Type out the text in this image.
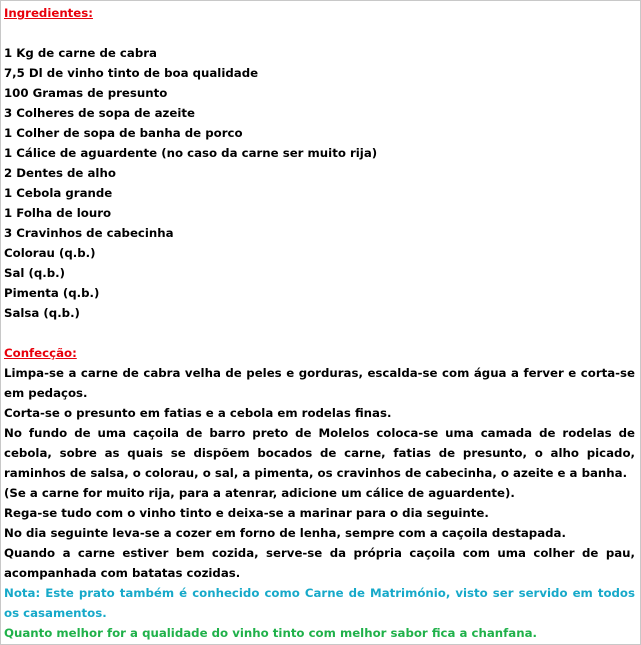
Ingredientes:

1 Kg de carne de cabra

7,5 Dl de vinho tinto de boa qualidade

100 Gramas de presunto

3 Colheres de sopa de azeite

1 Colher de sopa de banha de porco

1 Cálice de aguardente (no caso da carne ser muito rija)

2 Dentes de alho

1 Cebola grande

1 Folha de louro

3 Cravinhos de cabecinha

Colorau (q.b.)

Sal (q.b.)

Pimenta (q.b.)

Salsa (q.b.)

Confecção:

Limpa-se a carne de cabra velha de peles e gorduras, escalda-se com água a ferver e corta-se em pedaços.

Corta-se o presunto em fatias e a cebola em rodelas finas.

No fundo de uma caçoila de barro preto de Molelos coloca-se uma camada de rodelas de cebola, sobre as quais se dispõem bocados de carne, fatias de presunto, o alho picado, raminhos de salsa, o colorau, o sal, a pimenta, os cravinhos de cabecinha, o azeite e a banha.

(Se a carne for muito rija, para a atenrar, adicione um cálice de aguardente).

Rega-se tudo com o vinho tinto e deixa-se a marinar para o dia seguinte.

No dia seguinte leva-se a cozer em forno de lenha, sempre com a caçoila destapada.

Quando a carne estiver bem cozida, serve-se da própria caçoila com uma colher de pau, acompanhada com batatas cozidas.

Nota: Este prato também é conhecido como Carne de Matrimónio, visto ser servido em todos os casamentos.

Quanto melhor for a qualidade do vinho tinto com melhor sabor fica a chanfana.
